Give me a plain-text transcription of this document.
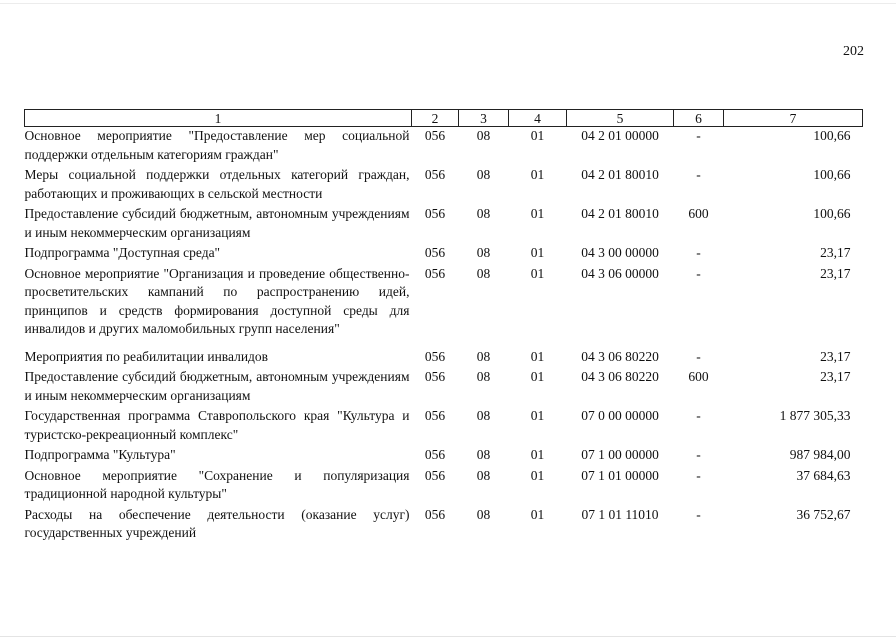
202
1	2	3	4	5	6	7
Основное мероприятие "Предоставление мер социальной поддержки отдельным категориям граждан"	056	08	01	04 2 01 00000	-	100,66
Меры социальной поддержки отдельных категорий граждан, работающих и проживающих в сельской местности	056	08	01	04 2 01 80010	-	100,66
Предоставление субсидий бюджетным, автономным учреждениям и иным некоммерческим организациям	056	08	01	04 2 01 80010	600	100,66
Подпрограмма "Доступная среда"	056	08	01	04 3 00 00000	-	23,17
Основное мероприятие "Организация и проведение общественно-просветительских кампаний по распространению идей, принципов и средств формирования доступной среды для инвалидов и других маломобильных групп населения"	056	08	01	04 3 06 00000	-	23,17
Мероприятия по реабилитации инвалидов	056	08	01	04 3 06 80220	-	23,17
Предоставление субсидий бюджетным, автономным учреждениям и иным некоммерческим организациям	056	08	01	04 3 06 80220	600	23,17
Государственная программа Ставропольского края "Культура и туристско-рекреационный комплекс"	056	08	01	07 0 00 00000	-	1 877 305,33
Подпрограмма "Культура"	056	08	01	07 1 00 00000	-	987 984,00
Основное мероприятие "Сохранение и популяризация традиционной народной культуры"	056	08	01	07 1 01 00000	-	37 684,63
Расходы на обеспечение деятельности (оказание услуг) государственных учреждений	056	08	01	07 1 01 11010	-	36 752,67
